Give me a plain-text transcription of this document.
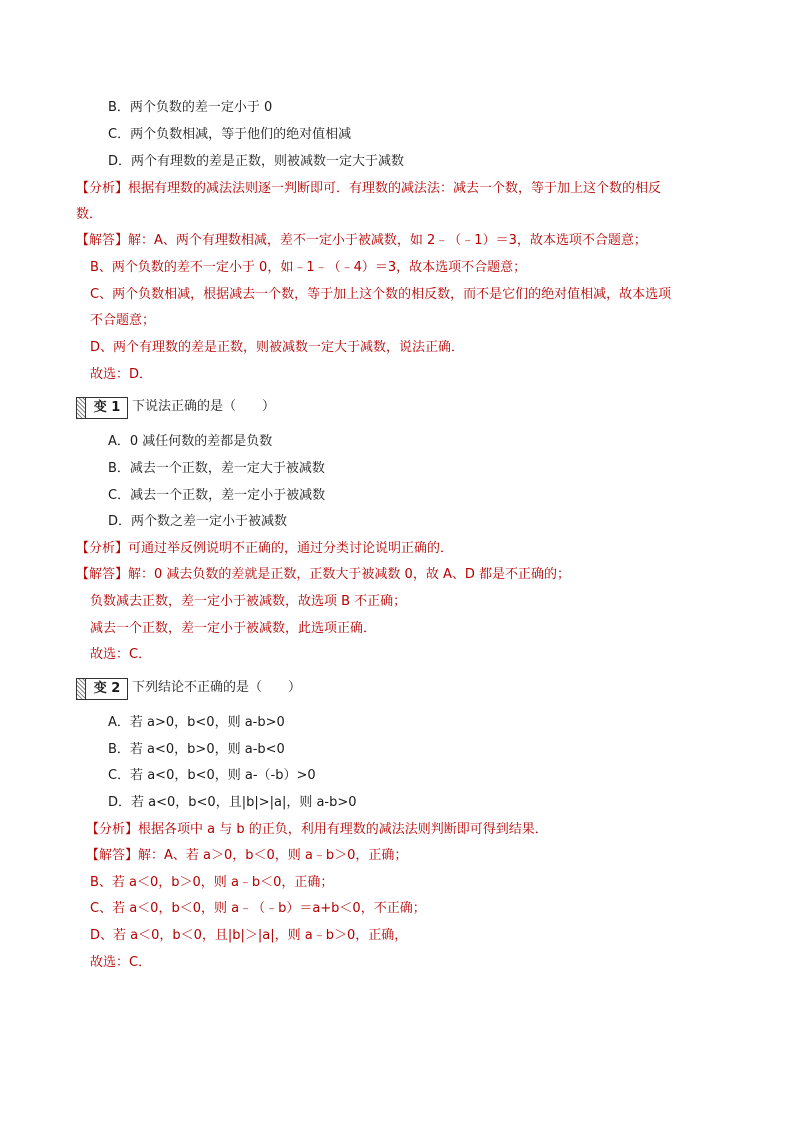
B．两个负数的差一定小于 0
C．两个负数相减，等于他们的绝对值相减
D．两个有理数的差是正数，则被减数一定大于减数
【分析】根据有理数的减法法则逐一判断即可．有理数的减法法：减去一个数，等于加上这个数的相反
数．
【解答】解：A、两个有理数相减，差不一定小于被减数，如 2﹣（﹣1）＝3，故本选项不合题意；
B、两个负数的差不一定小于 0，如﹣1﹣（﹣4）＝3，故本选项不合题意；
C、两个负数相减，根据减去一个数，等于加上这个数的相反数，而不是它们的绝对值相减，故本选项
不合题意；
D、两个有理数的差是正数，则被减数一定大于减数，说法正确．
故选：D．
变 1 下说法正确的是（　　）
A．0 减任何数的差都是负数
B．减去一个正数，差一定大于被减数
C．减去一个正数，差一定小于被减数
D．两个数之差一定小于被减数
【分析】可通过举反例说明不正确的，通过分类讨论说明正确的．
【解答】解：0 减去负数的差就是正数，正数大于被减数 0，故 A、D 都是不正确的；
负数减去正数，差一定小于被减数，故选项 B 不正确；
减去一个正数，差一定小于被减数，此选项正确．
故选：C．
变 2 下列结论不正确的是（　　）
A．若 a>0，b<0，则 a-b>0
B．若 a<0，b>0，则 a-b<0
C．若 a<0，b<0，则 a-（-b）>0
D．若 a<0，b<0，且|b|>|a|，则 a-b>0
【分析】根据各项中 a 与 b 的正负，利用有理数的减法法则判断即可得到结果．
【解答】解：A、若 a＞0，b＜0，则 a﹣b＞0，正确；
B、若 a＜0，b＞0，则 a﹣b＜0，正确；
C、若 a＜0，b＜0，则 a﹣（﹣b）＝a+b＜0，不正确；
D、若 a＜0，b＜0，且|b|＞|a|，则 a﹣b＞0，正确，
故选：C．
